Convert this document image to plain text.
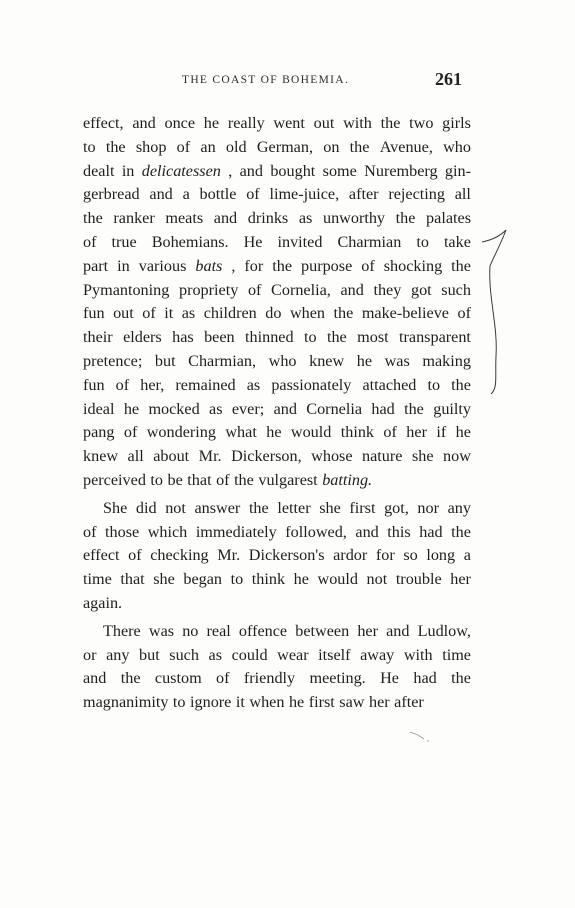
THE COAST OF BOHEMIA.	261
effect, and once he really went out with the two girls
to the shop of an old German, on the Avenue, who
dealt in delicatessen , and bought some Nuremberg gin-
gerbread and a bottle of lime-juice, after rejecting all
the ranker meats and drinks as unworthy the palates
of true Bohemians. He invited Charmian to take
part in various bats , for the purpose of shocking the
Pymantoning propriety of Cornelia, and they got such
fun out of it as children do when the make-believe of
their elders has been thinned to the most transparent
pretence; but Charmian, who knew he was making
fun of her, remained as passionately attached to the
ideal he mocked as ever; and Cornelia had the guilty
pang of wondering what he would think of her if he
knew all about Mr. Dickerson, whose nature she now
perceived to be that of the vulgarest batting.
She did not answer the letter she first got, nor any
of those which immediately followed, and this had the
effect of checking Mr. Dickerson's ardor for so long a
time that she began to think he would not trouble her
again.
There was no real offence between her and Ludlow,
or any but such as could wear itself away with time
and the custom of friendly meeting. He had the
magnanimity to ignore it when he first saw her after
